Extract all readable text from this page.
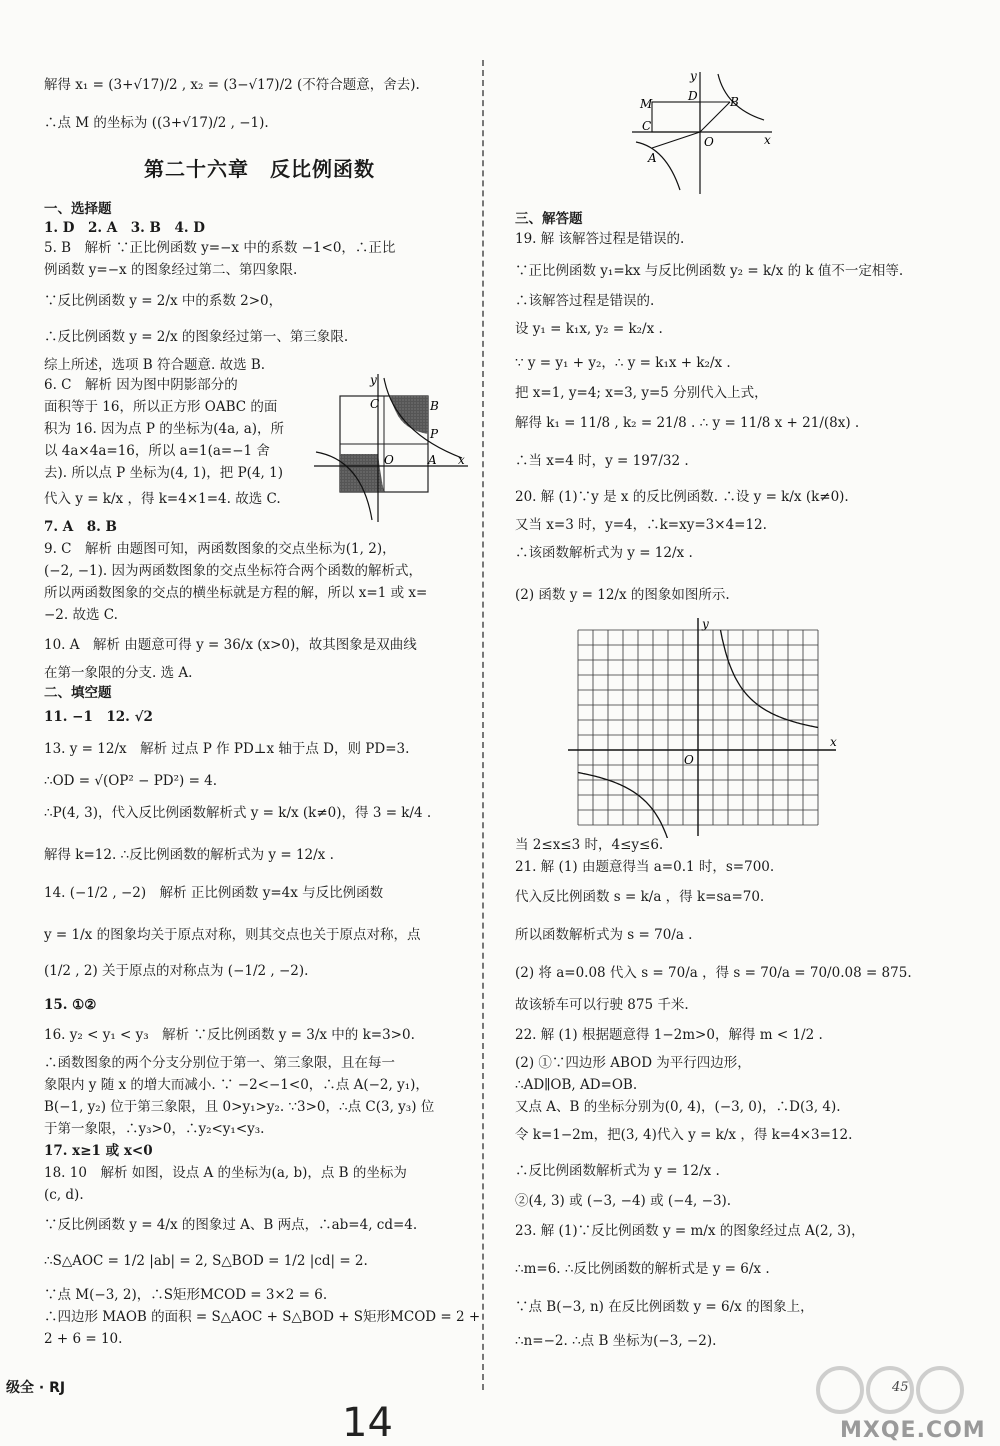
解得 x₁ = (3+√17)/2 , x₂ = (3−√17)/2 (不符合题意，舍去).
∴点 M 的坐标为 ((3+√17)/2 , −1).
第二十六章　反比例函数
一、选择题
1. D　2. A　3. B　4. D
5. B　解析 ∵正比例函数 y=−x 中的系数 −1<0，∴正比
例函数 y=−x 的图象经过第二、第四象限.
∵反比例函数 y = 2/x 中的系数 2>0，
∴反比例函数 y = 2/x 的图象经过第一、第三象限.
综上所述，选项 B 符合题意. 故选 B.
6. C　解析 因为图中阴影部分的
面积等于 16，所以正方形 OABC 的面
积为 16. 因为点 P 的坐标为(4a, a)，所
以 4a×4a=16，所以 a=1(a=−1 舍
去). 所以点 P 坐标为(4, 1)，把 P(4, 1)
代入 y = k/x ，得 k=4×1=4. 故选 C.
7. A　8. B
9. C　解析 由题图可知，两函数图象的交点坐标为(1, 2)，
(−2, −1). 因为两函数图象的交点坐标符合两个函数的解析式，
所以两函数图象的交点的横坐标就是方程的解，所以 x=1 或 x=
−2. 故选 C.
10. A　解析 由题意可得 y = 36/x (x>0)，故其图象是双曲线
在第一象限的分支. 选 A.
二、填空题
11. −1　12. √2
13. y = 12/x　解析 过点 P 作 PD⊥x 轴于点 D，则 PD=3.
∴OD = √(OP² − PD²) = 4.
∴P(4, 3)，代入反比例函数解析式 y = k/x (k≠0)，得 3 = k/4 .
解得 k=12. ∴反比例函数的解析式为 y = 12/x .
14. (−1/2 , −2)　解析 正比例函数 y=4x 与反比例函数
y = 1/x 的图象均关于原点对称，则其交点也关于原点对称，点
(1/2 , 2) 关于原点的对称点为 (−1/2 , −2).
15. ①②
16. y₂ < y₁ < y₃　解析 ∵反比例函数 y = 3/x 中的 k=3>0.
∴函数图象的两个分支分别位于第一、第三象限，且在每一
象限内 y 随 x 的增大而减小. ∵ −2<−1<0，∴点 A(−2, y₁)，
B(−1, y₂) 位于第三象限，且 0>y₁>y₂. ∵3>0，∴点 C(3, y₃) 位
于第一象限，∴y₃>0，∴y₂<y₁<y₃.
17. x≥1 或 x<0
18. 10　解析 如图，设点 A 的坐标为(a, b)，点 B 的坐标为
(c, d).
∵反比例函数 y = 4/x 的图象过 A、B 两点，∴ab=4, cd=4.
∴S△AOC = 1/2 |ab| = 2, S△BOD = 1/2 |cd| = 2.
∵点 M(−3, 2)，∴S矩形MCOD = 3×2 = 6.
∴四边形 MAOB 的面积 = S△AOC + S△BOD + S矩形MCOD = 2 +
2 + 6 = 10.
三、解答题
19. 解 该解答过程是错误的.
∵正比例函数 y₁=kx 与反比例函数 y₂ = k/x 的 k 值不一定相等.
∴该解答过程是错误的.
设 y₁ = k₁x, y₂ = k₂/x .
∵ y = y₁ + y₂，∴ y = k₁x + k₂/x .
把 x=1, y=4; x=3, y=5 分别代入上式，
解得 k₁ = 11/8 , k₂ = 21/8 . ∴ y = 11/8 x + 21/(8x) .
∴当 x=4 时，y = 197/32 .
20. 解 (1)∵y 是 x 的反比例函数. ∴设 y = k/x (k≠0).
又当 x=3 时，y=4，∴k=xy=3×4=12.
∴该函数解析式为 y = 12/x .
(2) 函数 y = 12/x 的图象如图所示.
当 2≤x≤3 时，4≤y≤6.
21. 解 (1) 由题意得当 a=0.1 时，s=700.
代入反比例函数 s = k/a ，得 k=sa=70.
所以函数解析式为 s = 70/a .
(2) 将 a=0.08 代入 s = 70/a ，得 s = 70/a = 70/0.08 = 875.
故该轿车可以行驶 875 千米.
22. 解 (1) 根据题意得 1−2m>0，解得 m < 1/2 .
(2) ①∵四边形 ABOD 为平行四边形，
∴AD∥OB, AD=OB.
又点 A、B 的坐标分别为(0, 4)，(−3, 0)，∴D(3, 4).
令 k=1−2m，把(3, 4)代入 y = k/x ，得 k=4×3=12.
∴反比例函数解析式为 y = 12/x .
②(4, 3) 或 (−3, −4) 或 (−4, −3).
23. 解 (1)∵反比例函数 y = m/x 的图象经过点 A(2, 3)，
∴m=6. ∴反比例函数的解析式是 y = 6/x .
∵点 B(−3, n) 在反比例函数 y = 6/x 的图象上，
∴n=−2. ∴点 B 坐标为(−3, −2).
y
x
C	B
P
O	A
y
x
M
D	B
C
O
A
y
x
O
级全 · RJ	45
14	MXQE.COM
